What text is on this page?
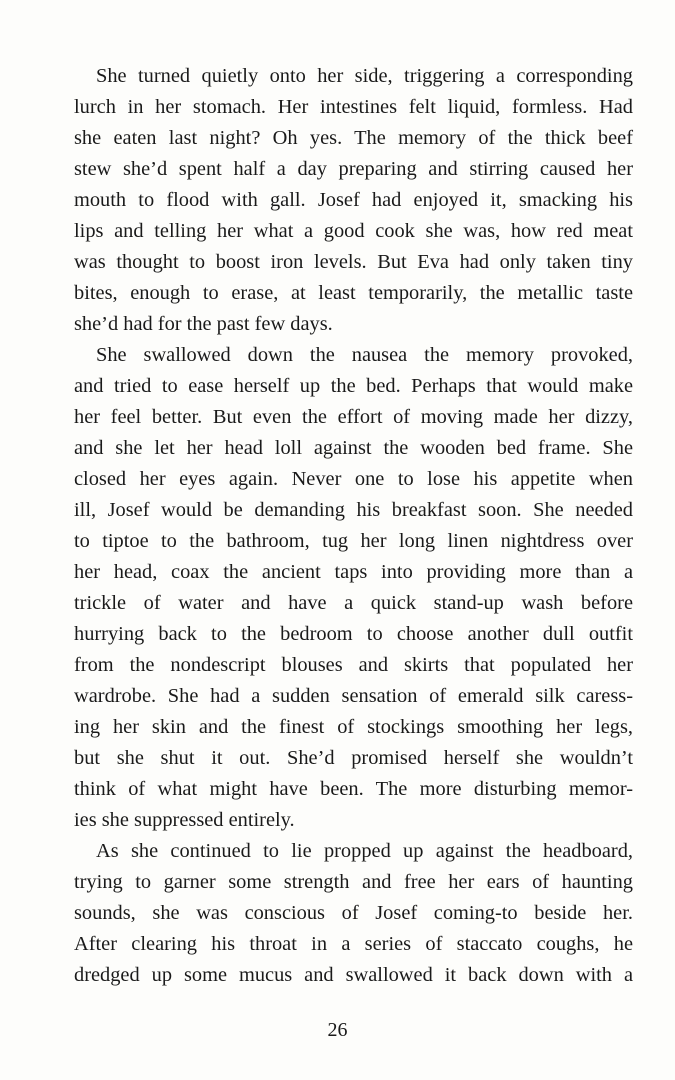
She turned quietly onto her side, triggering a corresponding
lurch in her stomach. Her intestines felt liquid, formless. Had
she eaten last night? Oh yes. The memory of the thick beef
stew she’d spent half a day preparing and stirring caused her
mouth to flood with gall. Josef had enjoyed it, smacking his
lips and telling her what a good cook she was, how red meat
was thought to boost iron levels. But Eva had only taken tiny
bites, enough to erase, at least temporarily, the metallic taste
she’d had for the past few days.
She swallowed down the nausea the memory provoked,
and tried to ease herself up the bed. Perhaps that would make
her feel better. But even the effort of moving made her dizzy,
and she let her head loll against the wooden bed frame. She
closed her eyes again. Never one to lose his appetite when
ill, Josef would be demanding his breakfast soon. She needed
to tiptoe to the bathroom, tug her long linen nightdress over
her head, coax the ancient taps into providing more than a
trickle of water and have a quick stand-up wash before
hurrying back to the bedroom to choose another dull outfit
from the nondescript blouses and skirts that populated her
wardrobe. She had a sudden sensation of emerald silk caress-
ing her skin and the finest of stockings smoothing her legs,
but she shut it out. She’d promised herself she wouldn’t
think of what might have been. The more disturbing memor-
ies she suppressed entirely.
As she continued to lie propped up against the headboard,
trying to garner some strength and free her ears of haunting
sounds, she was conscious of Josef coming-to beside her.
After clearing his throat in a series of staccato coughs, he
dredged up some mucus and swallowed it back down with a
26
